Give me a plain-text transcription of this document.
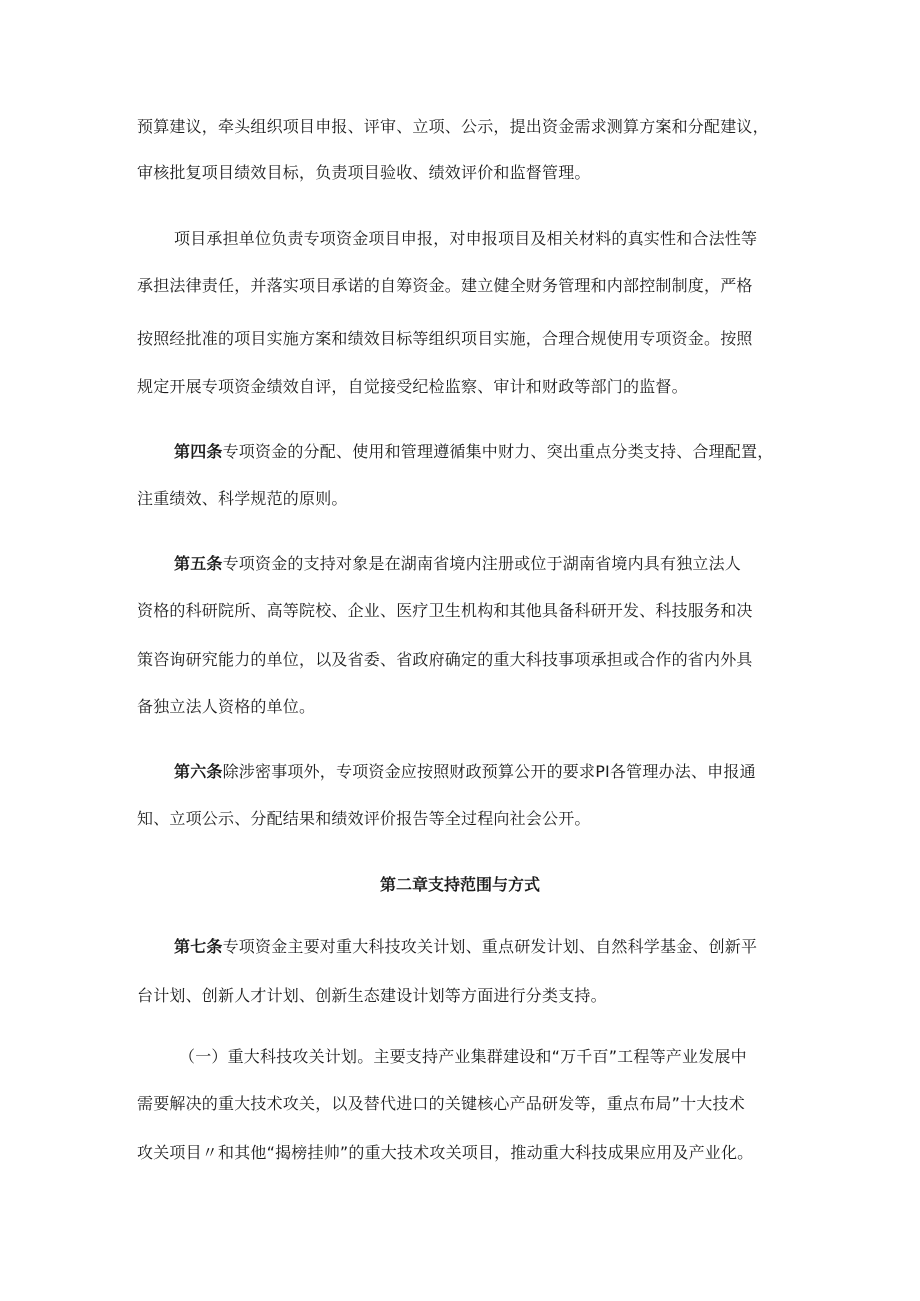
预算建议，牵头组织项目申报、评审、立项、公示，提出资金需求测算方案和分配建议，
审核批复项目绩效目标，负责项目验收、绩效评价和监督管理。
项目承担单位负责专项资金项目申报，对申报项目及相关材料的真实性和合法性等
承担法律责任，并落实项目承诺的自筹资金。建立健全财务管理和内部控制制度，严格
按照经批准的项目实施方案和绩效目标等组织项目实施，合理合规使用专项资金。按照
规定开展专项资金绩效自评，自觉接受纪检监察、审计和财政等部门的监督。
第四条专项资金的分配、使用和管理遵循集中财力、突出重点分类支持、合理配置，
注重绩效、科学规范的原则。
第五条专项资金的支持对象是在湖南省境内注册或位于湖南省境内具有独立法人
资格的科研院所、高等院校、企业、医疗卫生机构和其他具备科研开发、科技服务和决
策咨询研究能力的单位，以及省委、省政府确定的重大科技事项承担或合作的省内外具
备独立法人资格的单位。
第六条除涉密事项外，专项资金应按照财政预算公开的要求PI各管理办法、申报通
知、立项公示、分配结果和绩效评价报告等全过程向社会公开。
第二章支持范围与方式
第七条专项资金主要对重大科技攻关计划、重点研发计划、自然科学基金、创新平
台计划、创新人才计划、创新生态建设计划等方面进行分类支持。
（一）重大科技攻关计划。主要支持产业集群建设和“万千百”工程等产业发展中
需要解决的重大技术攻关，以及替代进口的关键核心产品研发等，重点布局”十大技术
攻关项目〃和其他“揭榜挂帅”的重大技术攻关项目，推动重大科技成果应用及产业化。
